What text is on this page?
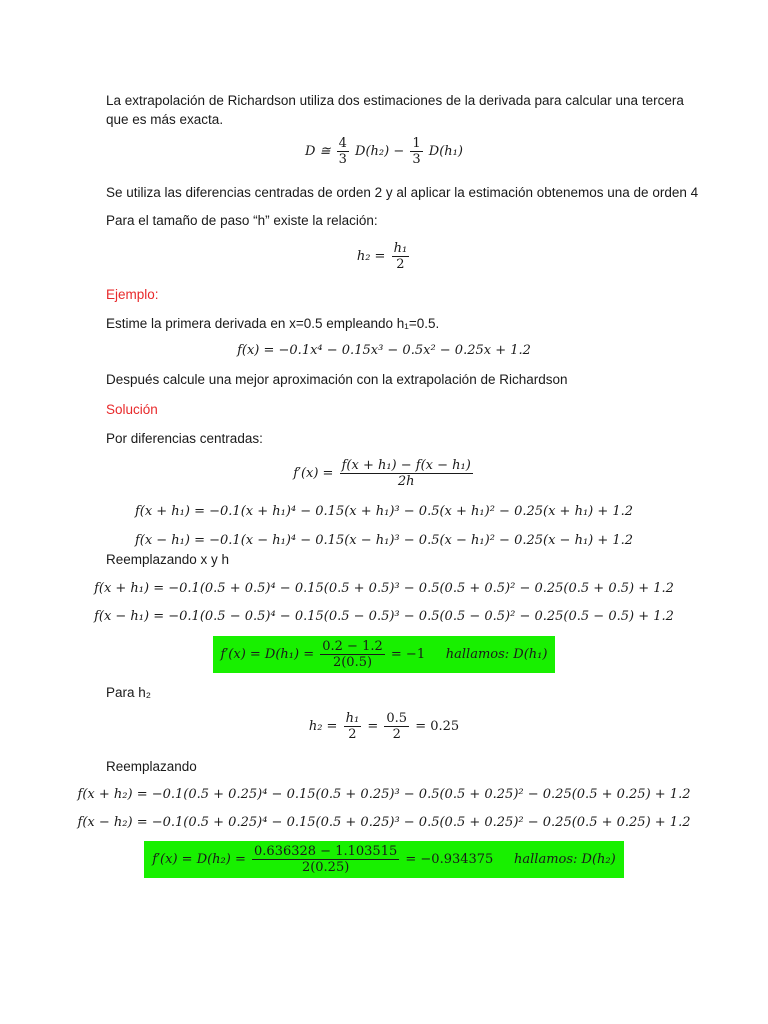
La extrapolación de Richardson utiliza dos estimaciones de la derivada para calcular una tercera
que es más exacta.
D ≅ $\frac{4}{3} D(h_2) - \frac{1}{3} D(h_1)$
Se utiliza las diferencias centradas de orden 2 y al aplicar la estimación obtenemos una de orden 4
Para el tamaño de paso “h” existe la relación:
$h_2 = \frac{\text{h₁}}{2}$
Ejemplo:
Estime la primera derivada en x=0.5 empleando h₁=0.5.
f(x) = −0.1x⁴ − 0.15x³ − 0.5x² − 0.25x + 1.2
Después calcule una mejor aproximación con la extrapolación de Richardson
Solución
Por diferencias centradas:
$f'(x) = \frac{\text{f(x + h₁) − f(x − h₁)}}{2h}$
f(x + h₁) = −0.1(x + h₁)⁴ − 0.15(x + h₁)³ − 0.5(x + h₁)² − 0.25(x + h₁) + 1.2
f(x − h₁) = −0.1(x − h₁)⁴ − 0.15(x − h₁)³ − 0.5(x − h₁)² − 0.25(x − h₁) + 1.2
Reemplazando x y h
f(x + h₁) = −0.1(0.5 + 0.5)⁴ − 0.15(0.5 + 0.5)³ − 0.5(0.5 + 0.5)² − 0.25(0.5 + 0.5) + 1.2
f(x − h₁) = −0.1(0.5 − 0.5)⁴ − 0.15(0.5 − 0.5)³ − 0.5(0.5 − 0.5)² − 0.25(0.5 − 0.5) + 1.2
$f'(x) = D(h_1) = \frac{0.2 - 1.2}{2(0.5)} = -1$ hallamos: D(h₁)
Para h₂
$h_2 = \frac{\text{h₁}}{2} = \frac{0.5}{2} = 0.25$
Reemplazando
f(x + h₂) = −0.1(0.5 + 0.25)⁴ − 0.15(0.5 + 0.25)³ − 0.5(0.5 + 0.25)² − 0.25(0.5 + 0.25) + 1.2
f(x − h₂) = −0.1(0.5 + 0.25)⁴ − 0.15(0.5 + 0.25)³ − 0.5(0.5 + 0.25)² − 0.25(0.5 + 0.25) + 1.2
$f'(x) = D(h_2) = \frac{0.636328 - 1.103515}{2(0.25)} = -0.934375$ hallamos: D(h₂)
